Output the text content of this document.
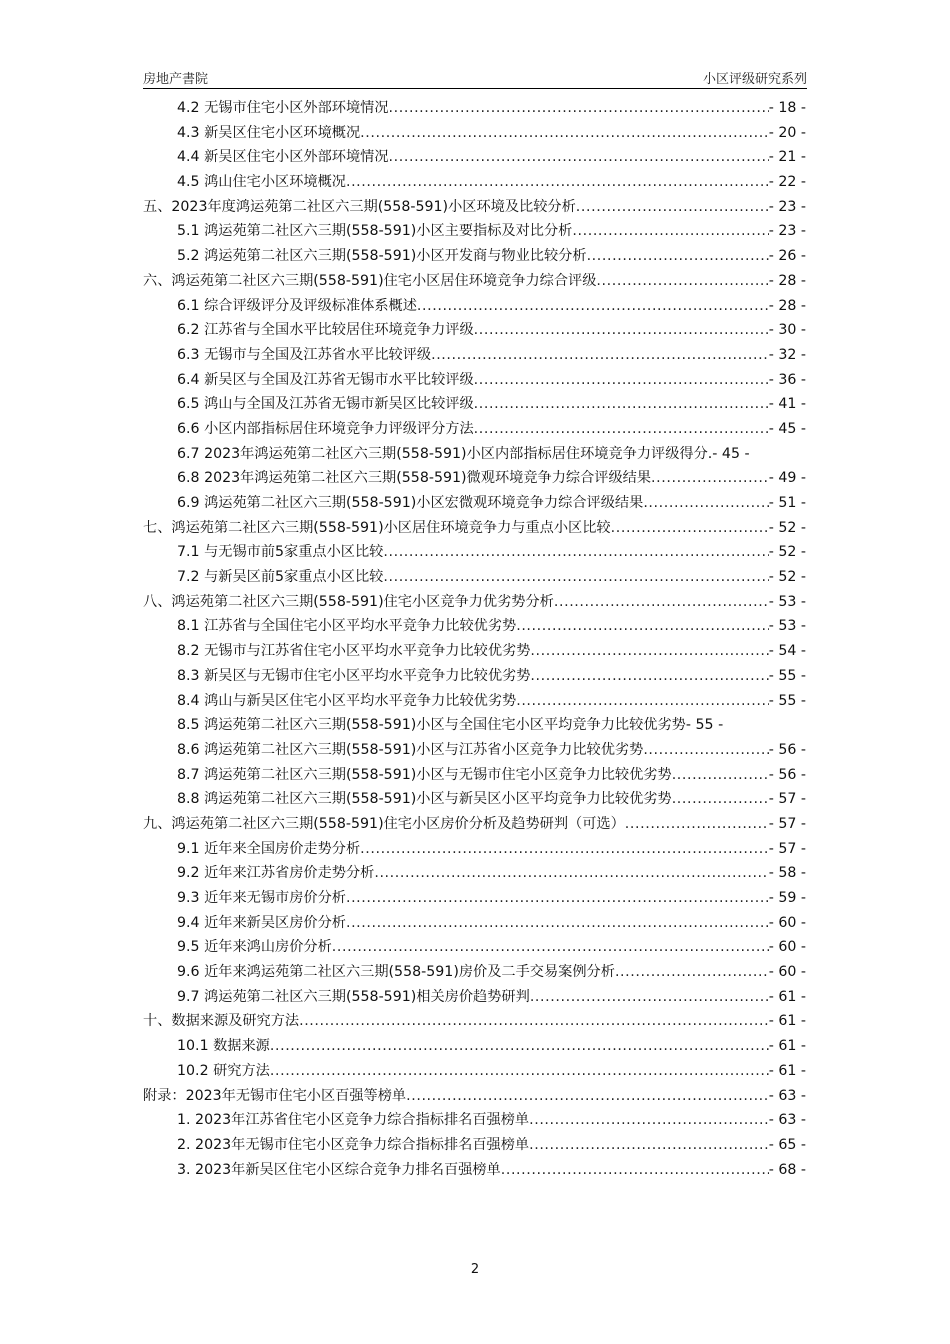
房地产書院	小区评级研究系列
4.2 无锡市住宅小区外部环境情况 .....	- 18 -
4.3 新吴区住宅小区环境概况 .....	- 20 -
4.4 新吴区住宅小区外部环境情况 .....	- 21 -
4.5 鸿山住宅小区环境概况 .....	- 22 -
五、2023年度鸿运苑第二社区六三期(558-591)小区环境及比较分析 .....	- 23 -
5.1 鸿运苑第二社区六三期(558-591)小区主要指标及对比分析 .....	- 23 -
5.2 鸿运苑第二社区六三期(558-591)小区开发商与物业比较分析 .....	- 26 -
六、鸿运苑第二社区六三期(558-591)住宅小区居住环境竞争力综合评级 .....	- 28 -
6.1 综合评级评分及评级标准体系概述 .....	- 28 -
6.2 江苏省与全国水平比较居住环境竞争力评级 .....	- 30 -
6.3 无锡市与全国及江苏省水平比较评级 .....	- 32 -
6.4 新吴区与全国及江苏省无锡市水平比较评级 .....	- 36 -
6.5 鸿山与全国及江苏省无锡市新吴区比较评级 .....	- 41 -
6.6 小区内部指标居住环境竞争力评级评分方法 .....	- 45 -
6.7 2023年鸿运苑第二社区六三期(558-591)小区内部指标居住环境竞争力评级得分.- 45 -
6.8 2023年鸿运苑第二社区六三期(558-591)微观环境竞争力综合评级结果 .....	- 49 -
6.9 鸿运苑第二社区六三期(558-591)小区宏微观环境竞争力综合评级结果 .....	- 51 -
七、鸿运苑第二社区六三期(558-591)小区居住环境竞争力与重点小区比较 .....	- 52 -
7.1 与无锡市前5家重点小区比较 .....	- 52 -
7.2 与新吴区前5家重点小区比较 .....	- 52 -
八、鸿运苑第二社区六三期(558-591)住宅小区竞争力优劣势分析 .....	- 53 -
8.1 江苏省与全国住宅小区平均水平竞争力比较优劣势 .....	- 53 -
8.2 无锡市与江苏省住宅小区平均水平竞争力比较优劣势 .....	- 54 -
8.3 新吴区与无锡市住宅小区平均水平竞争力比较优劣势 .....	- 55 -
8.4 鸿山与新吴区住宅小区平均水平竞争力比较优劣势 .....	- 55 -
8.5 鸿运苑第二社区六三期(558-591)小区与全国住宅小区平均竞争力比较优劣势- 55 -
8.6 鸿运苑第二社区六三期(558-591)小区与江苏省小区竞争力比较优劣势 .....	- 56 -
8.7 鸿运苑第二社区六三期(558-591)小区与无锡市住宅小区竞争力比较优劣势 .....	- 56 -
8.8 鸿运苑第二社区六三期(558-591)小区与新吴区小区平均竞争力比较优劣势 .....	- 57 -
九、鸿运苑第二社区六三期(558-591)住宅小区房价分析及趋势研判（可选） .....	- 57 -
9.1 近年来全国房价走势分析 .....	- 57 -
9.2 近年来江苏省房价走势分析 .....	- 58 -
9.3 近年来无锡市房价分析 .....	- 59 -
9.4 近年来新吴区房价分析 .....	- 60 -
9.5 近年来鸿山房价分析 .....	- 60 -
9.6 近年来鸿运苑第二社区六三期(558-591)房价及二手交易案例分析 .....	- 60 -
9.7 鸿运苑第二社区六三期(558-591)相关房价趋势研判 .....	- 61 -
十、数据来源及研究方法 .....	- 61 -
10.1 数据来源 .....	- 61 -
10.2 研究方法 .....	- 61 -
附录：2023年无锡市住宅小区百强等榜单 .....	- 63 -
1. 2023年江苏省住宅小区竞争力综合指标排名百强榜单 .....	- 63 -
2. 2023年无锡市住宅小区竞争力综合指标排名百强榜单 .....	- 65 -
3. 2023年新吴区住宅小区综合竞争力排名百强榜单 .....	- 68 -
2
